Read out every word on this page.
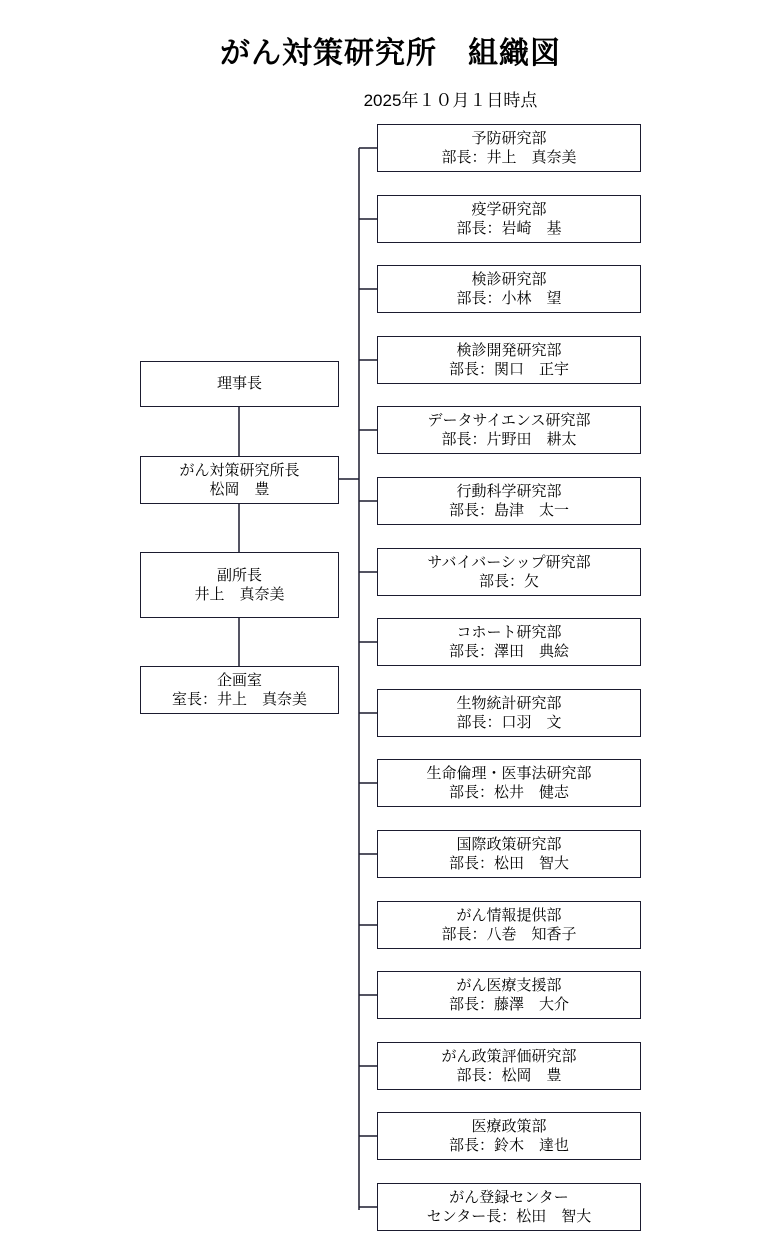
がん対策研究所　組織図
2025年１０月１日時点
理事長
がん対策研究所長
松岡　豊
副所長
井上　真奈美
企画室
室長：井上　真奈美
予防研究部
部長：井上　真奈美
疫学研究部
部長：岩崎　基
検診研究部
部長：小林　望
検診開発研究部
部長：関口　正宇
データサイエンス研究部
部長：片野田　耕太
行動科学研究部
部長：島津　太一
サバイバーシップ研究部
部長：欠
コホート研究部
部長：澤田　典絵
生物統計研究部
部長：口羽　文
生命倫理・医事法研究部
部長：松井　健志
国際政策研究部
部長：松田　智大
がん情報提供部
部長：八巻　知香子
がん医療支援部
部長：藤澤　大介
がん政策評価研究部
部長：松岡　豊
医療政策部
部長：鈴木　達也
がん登録センター
センター長：松田　智大
